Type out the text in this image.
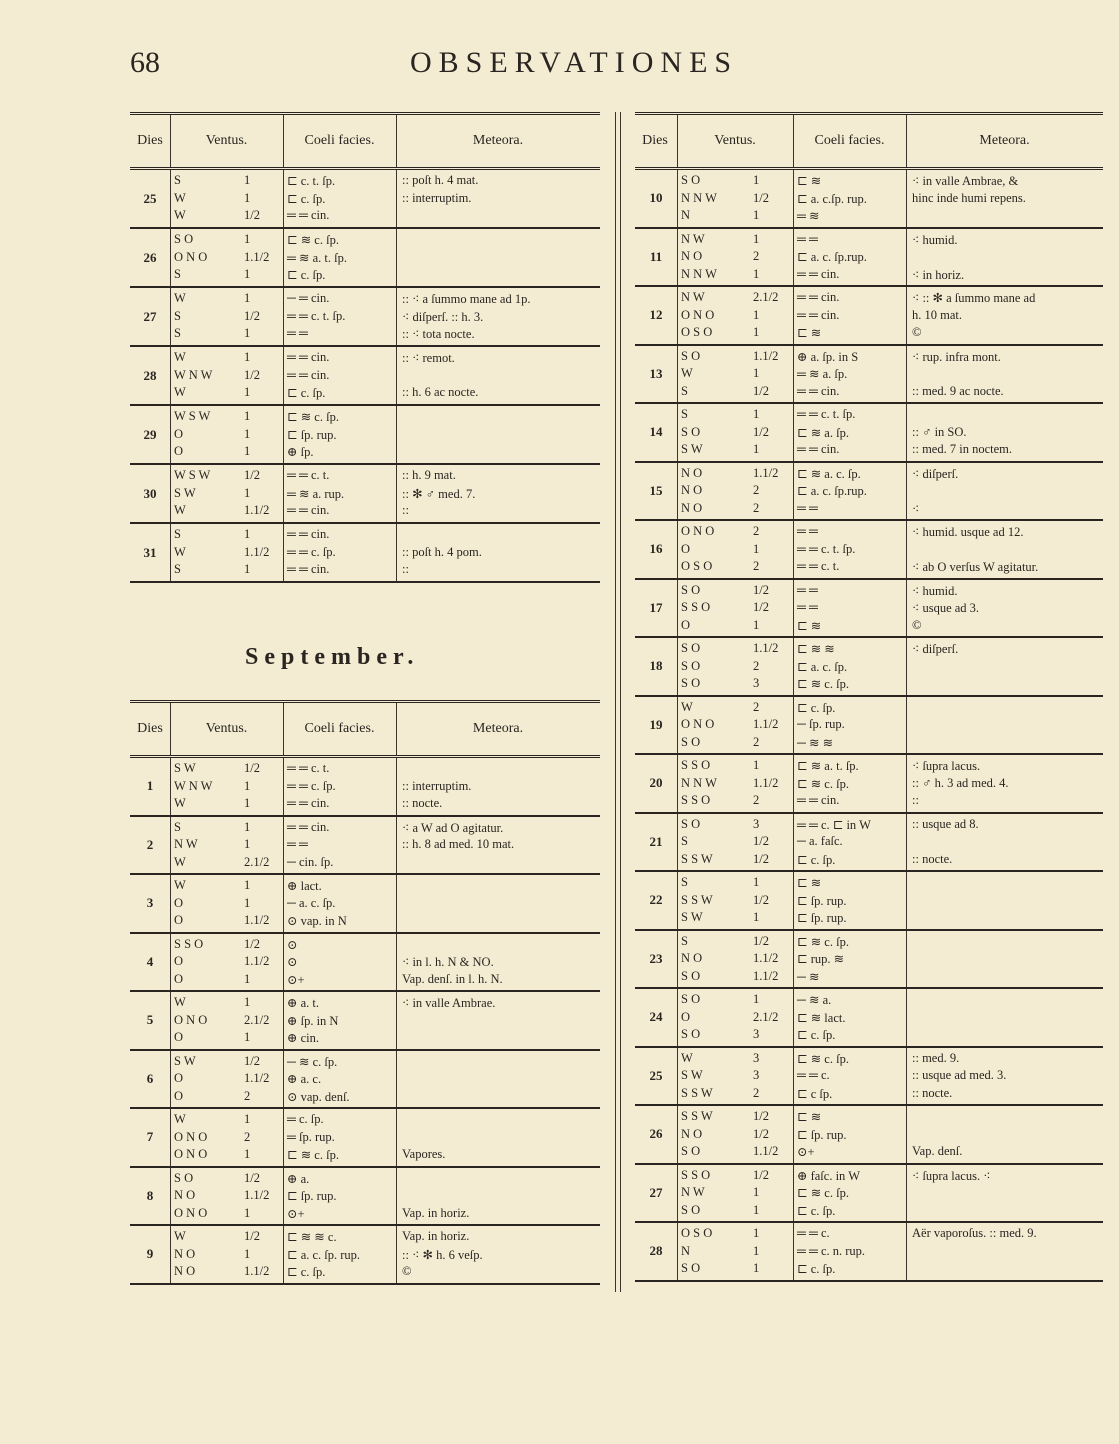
68	OBSERVATIONES
Dies	Ventus.	Coeli facies.	Meteora.
25
S	1	⊏ c. t. ſp.	:: poſt h. 4 mat.
W	1	⊏ c. ſp.	:: interruptim.
W	1/2 ═ ═ cin.
26
S O	1	⊏ ≋ c. ſp.
O N O	1.1/2 ═ ≋ a. t. ſp.
S	1	⊏ c. ſp.
27
W	1	─ ═ cin.	:: ⁖ a ſummo mane ad 1p.
S	1/2 ═ ═ c. t. ſp.	⁖ diſperſ. :: h. 3.
S	1	═ ═	:: ⁖ tota nocte.
28
W	1	═ ═ cin.	:: ⁖ remot.
W N W	1/2 ═ ═ cin.
W	1	⊏ c. ſp.	:: h. 6 ac nocte.
29
W S W	1	⊏ ≋ c. ſp.
O	1	⊏ ſp. rup.
O	1	⊕ ſp.
30
W S W	1/2 ═ ═ c. t.	:: h. 9 mat.
S W	1	═ ≋ a. rup.	:: ✻ ♂ med. 7.
W	1.1/2 ═ ═ cin.	::
31
S	1	═ ═ cin.
W	1.1/2 ═ ═ c. ſp.	:: poſt h. 4 pom.
S	1	═ ═ cin.	::
September.
Dies	Ventus.	Coeli facies.	Meteora.
1
S W	1/2 ═ ═ c. t.
W N W	1	═ ═ c. ſp.	:: interruptim.
W	1	═ ═ cin.	:: nocte.
2
S	1	═ ═ cin.	⁖ a W ad O agitatur.
N W	1	═ ═	:: h. 8 ad med. 10 mat.
W	2.1/2 ─ cin. ſp.
3
W	1	⊕ lact.
O	1	─ a. c. ſp.
O	1.1/2 ⊙ vap. in N
4
S S O	1/2 ⊙
O	1.1/2 ⊙	⁖ in l. h. N & NO.
O	1	⊙+	Vap. denſ. in l. h. N.
5
W	1	⊕ a. t.	⁖ in valle Ambrae.
O N O	2.1/2 ⊕ ſp. in N
O	1	⊕ cin.
6
S W	1/2 ─ ≋ c. ſp.
O	1.1/2 ⊕ a. c.
O	2	⊙ vap. denſ.
7
W	1	═ c. ſp.
O N O	2	═ ſp. rup.
O N O	1	⊏ ≋ c. ſp.	Vapores.
8
S O	1/2 ⊕ a.
N O	1.1/2 ⊏ ſp. rup.
O N O	1	⊙+	Vap. in horiz.
9
W	1/2 ⊏ ≋ ≋ c.	Vap. in horiz.
N O	1	⊏ a. c. ſp. rup.	:: ⁖ ✻ h. 6 veſp.
N O	1.1/2 ⊏ c. ſp.	©
Dies	Ventus.	Coeli facies.	Meteora.
10
S O	1	⊏ ≋	⁖ in valle Ambrae, &
N N W	1/2 ⊏ a. c.ſp. rup.	hinc inde humi repens.
N	1	═ ≋
11
N W	1	═ ═	⁖ humid.
N O	2	⊏ a. c. ſp.rup.
N N W	1	═ ═ cin.	⁖ in horiz.
12
N W	2.1/2 ═ ═ cin.	⁖ :: ✻ a ſummo mane ad
O N O	1	═ ═ cin.	h. 10 mat.
O S O	1	⊏ ≋	©
13
S O	1.1/2 ⊕ a. ſp. in S	⁖ rup. infra mont.
W	1	═ ≋ a. ſp.
S	1/2 ═ ═ cin.	:: med. 9 ac nocte.
14
S	1	═ ═ c. t. ſp.
S O	1/2 ⊏ ≋ a. ſp.	:: ♂ in SO.
S W	1	═ ═ cin.	:: med. 7 in noctem.
15
N O	1.1/2 ⊏ ≋ a. c. ſp.	⁖ diſperſ.
N O	2	⊏ a. c. ſp.rup.
N O	2	═ ═	⁖
16
O N O	2	═ ═	⁖ humid. usque ad 12.
O	1	═ ═ c. t. ſp.
O S O	2	═ ═ c. t.	⁖ ab O verſus W agitatur.
17
S O	1/2 ═ ═	⁖ humid.
S S O	1/2 ═ ═	⁖ usque ad 3.
O	1	⊏ ≋	©
18
S O	1.1/2 ⊏ ≋ ≋	⁖ diſperſ.
S O	2	⊏ a. c. ſp.
S O	3	⊏ ≋ c. ſp.
19
W	2	⊏ c. ſp.
O N O	1.1/2 ─ ſp. rup.
S O	2	─ ≋ ≋
20
S S O	1	⊏ ≋ a. t. ſp.	⁖ ſupra lacus.
N N W	1.1/2 ⊏ ≋ c. ſp.	:: ♂ h. 3 ad med. 4.
S S O	2	═ ═ cin.	::
21
S O	3	═ ═ c. ⊏ in W	:: usque ad 8.
S	1/2 ─ a. faſc.
S S W	1/2 ⊏ c. ſp.	:: nocte.
22
S	1	⊏ ≋
S S W	1/2 ⊏ ſp. rup.
S W	1	⊏ ſp. rup.
23
S	1/2 ⊏ ≋ c. ſp.
N O	1.1/2 ⊏ rup. ≋
S O	1.1/2 ─ ≋
24
S O	1	─ ≋ a.
O	2.1/2 ⊏ ≋ lact.
S O	3	⊏ c. ſp.
25
W	3	⊏ ≋ c. ſp.	:: med. 9.
S W	3	═ ═ c.	:: usque ad med. 3.
S S W	2	⊏ c ſp.	:: nocte.
26
S S W	1/2 ⊏ ≋
N O	1/2 ⊏ ſp. rup.
S O	1.1/2 ⊙+	Vap. denſ.
27
S S O	1/2 ⊕ faſc. in W	⁖ ſupra lacus. ⁖
N W	1	⊏ ≋ c. ſp.
S O	1	⊏ c. ſp.
28
O S O	1	═ ═ c.	Aër vaporoſus. :: med. 9.
N	1	═ ═ c. n. rup.
S O	1	⊏ c. ſp.
